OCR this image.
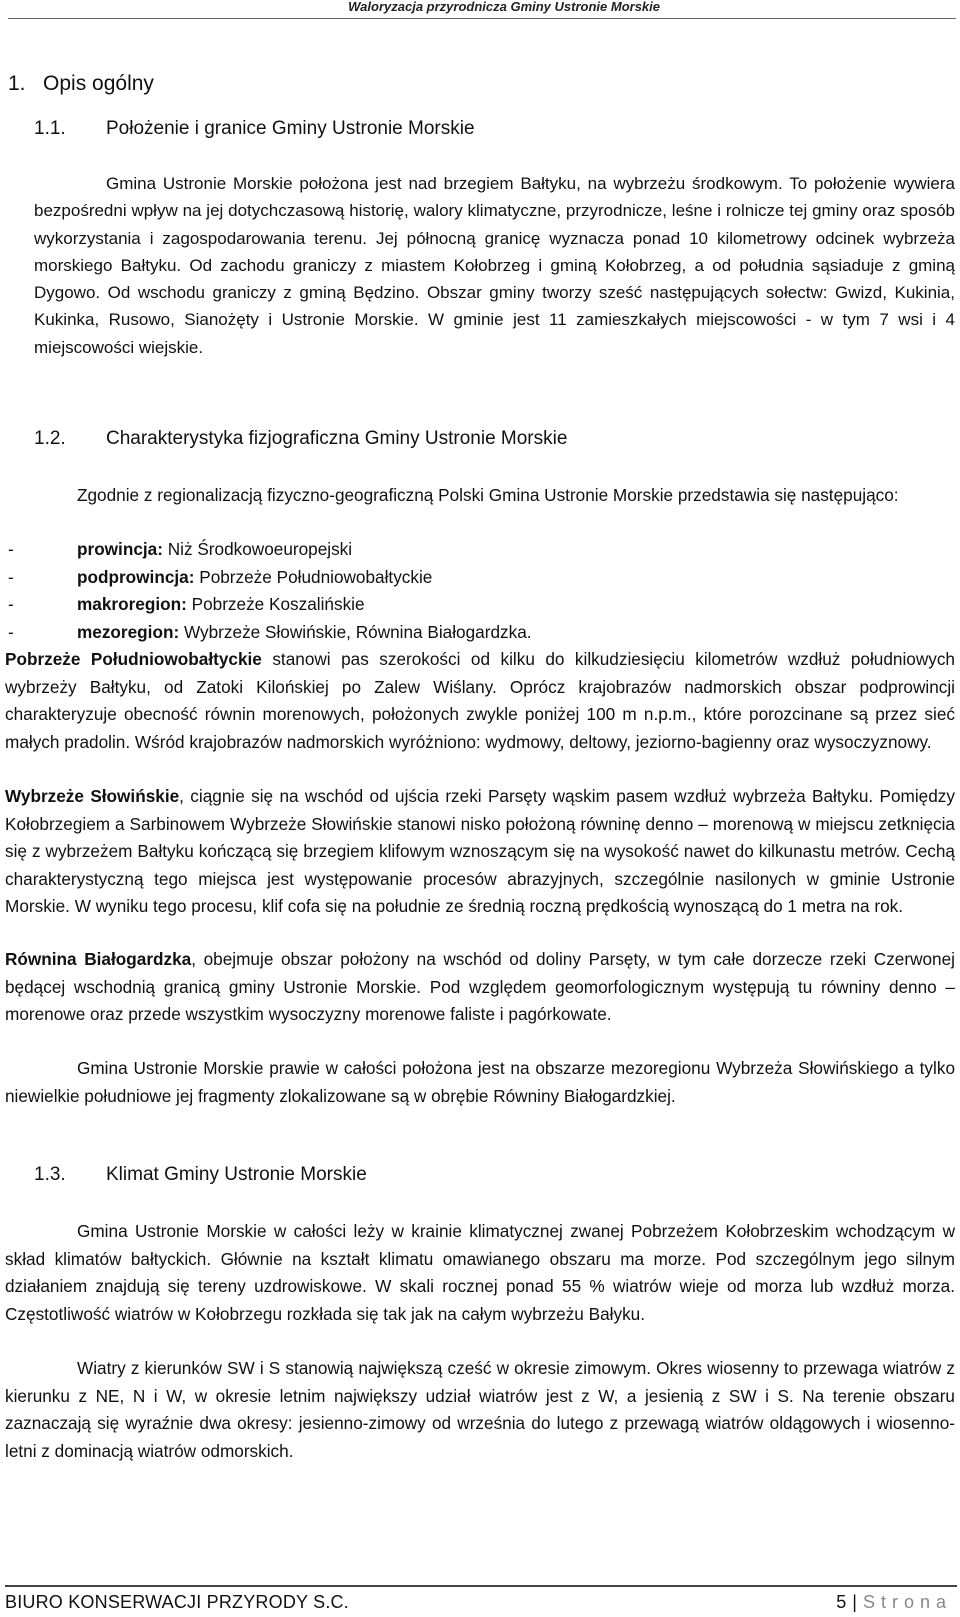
Waloryzacja przyrodnicza Gminy Ustronie Morskie
1. Opis ogólny
1.1. Położenie i granice Gminy Ustronie Morskie

Gmina Ustronie Morskie położona jest nad brzegiem Bałtyku, na wybrzeżu środkowym. To położenie wywiera bezpośredni wpływ na jej dotychczasową historię, walory klimatyczne, przyrodnicze, leśne i rolnicze tej gminy oraz sposób wykorzystania i zagospodarowania terenu. Jej północną granicę wyznacza ponad 10 kilometrowy odcinek wybrzeża morskiego Bałtyku. Od zachodu graniczy z miastem Kołobrzeg i gminą Kołobrzeg, a od południa sąsiaduje z gminą Dygowo. Od wschodu graniczy z gminą Będzino. Obszar gminy tworzy sześć następujących sołectw: Gwizd, Kukinia, Kukinka, Rusowo, Sianożęty i Ustronie Morskie. W gminie jest 11 zamieszkałych miejscowości - w tym 7 wsi i 4 miejscowości wiejskie.

1.2. Charakterystyka fizjograficzna Gminy Ustronie Morskie

Zgodnie z regionalizacją fizyczno-geograficzną Polski Gmina Ustronie Morskie przedstawia się następująco:

-	prowincja: Niż Środkowoeuropejski
-	podprowincja: Pobrzeże Południowobałtyckie
-	makroregion: Pobrzeże Koszalińskie
-	mezoregion: Wybrzeże Słowińskie, Równina Białogardzka.

Pobrzeże Południowobałtyckie stanowi pas szerokości od kilku do kilkudziesięciu kilometrów wzdłuż południowych wybrzeży Bałtyku, od Zatoki Kilońskiej po Zalew Wiślany. Oprócz krajobrazów nadmorskich obszar podprowincji charakteryzuje obecność równin morenowych, położonych zwykle poniżej 100 m n.p.m., które porozcinane są przez sieć małych pradolin. Wśród krajobrazów nadmorskich wyróżniono: wydmowy, deltowy, jeziorno-bagienny oraz wysoczyznowy.

Wybrzeże Słowińskie, ciągnie się na wschód od ujścia rzeki Parsęty wąskim pasem wzdłuż wybrzeża Bałtyku. Pomiędzy Kołobrzegiem a Sarbinowem Wybrzeże Słowińskie stanowi nisko położoną równinę denno – morenową w miejscu zetknięcia się z wybrzeżem Bałtyku kończącą się brzegiem klifowym wznoszącym się na wysokość nawet do kilkunastu metrów. Cechą charakterystyczną tego miejsca jest występowanie procesów abrazyjnych, szczególnie nasilonych w gminie Ustronie Morskie. W wyniku tego procesu, klif cofa się na południe ze średnią roczną prędkością wynoszącą do 1 metra na rok.

Równina Białogardzka, obejmuje obszar położony na wschód od doliny Parsęty, w tym całe dorzecze rzeki Czerwonej będącej wschodnią granicą gminy Ustronie Morskie. Pod względem geomorfologicznym występują tu równiny denno – morenowe oraz przede wszystkim wysoczyzny morenowe faliste i pagórkowate.

Gmina Ustronie Morskie prawie w całości położona jest na obszarze mezoregionu Wybrzeża Słowińskiego a tylko niewielkie południowe jej fragmenty zlokalizowane są w obrębie Równiny Białogardzkiej.

1.3. Klimat Gminy Ustronie Morskie

Gmina Ustronie Morskie w całości leży w krainie klimatycznej zwanej Pobrzeżem Kołobrzeskim wchodzącym w skład klimatów bałtyckich. Głównie na kształt klimatu omawianego obszaru ma morze. Pod szczególnym jego silnym działaniem znajdują się tereny uzdrowiskowe. W skali rocznej ponad 55 % wiatrów wieje od morza lub wzdłuż morza. Częstotliwość wiatrów w Kołobrzegu rozkłada się tak jak na całym wybrzeżu Bałyku.

Wiatry z kierunków SW i S stanowią największą cześć w okresie zimowym. Okres wiosenny to przewaga wiatrów z kierunku z NE, N i W, w okresie letnim największy udział wiatrów jest z W, a jesienią z SW i S. Na terenie obszaru zaznaczają się wyraźnie dwa okresy: jesienno-zimowy od września do lutego z przewagą wiatrów oldągowych i wiosenno-letni z dominacją wiatrów odmorskich.

BIURO KONSERWACJI PRZYRODY S.C.	5 | Strona
